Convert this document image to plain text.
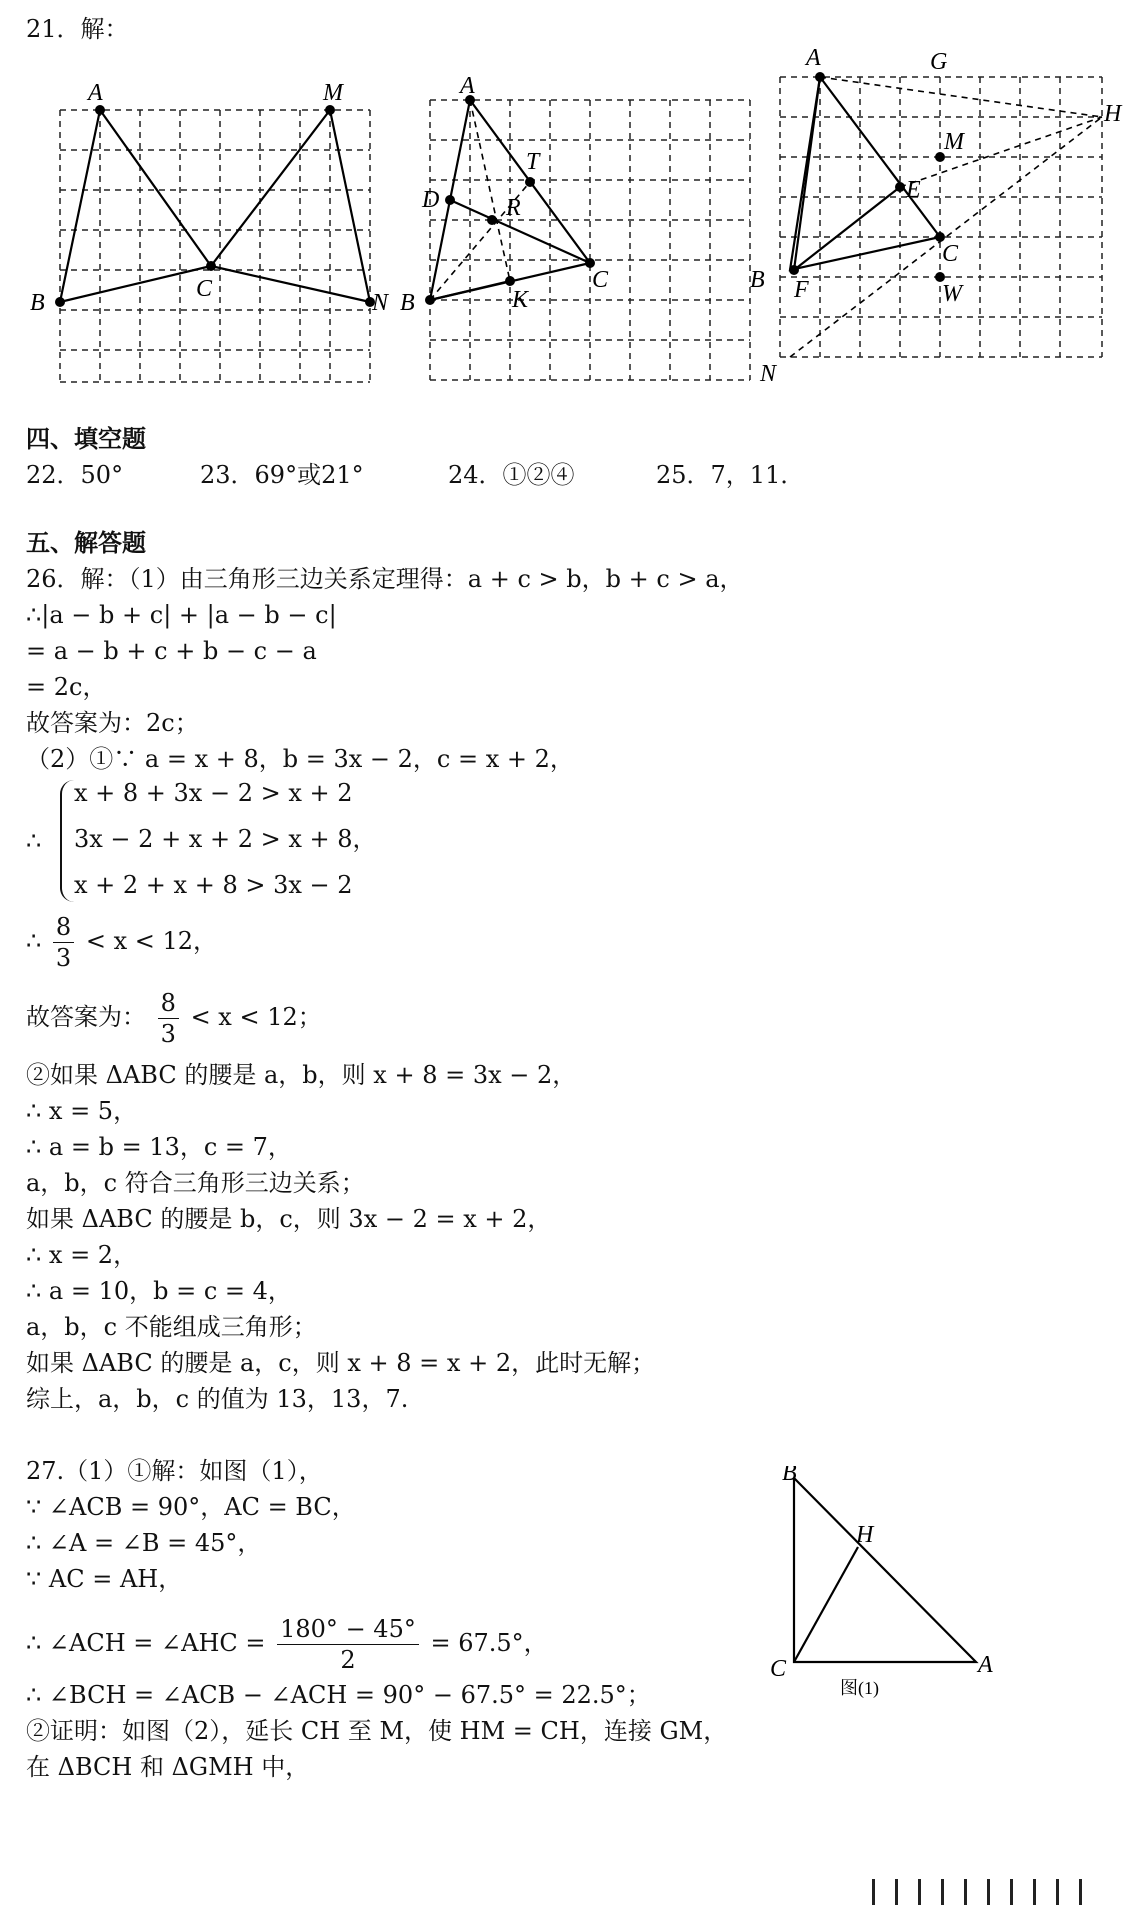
21．解：
A	M
B
C
N
A
T
D	R
B	K
C
A	G
H
M
E
B F
C
W
N
四、填空题
22．50°	23．69°或21°	24．①②④	25．7，11．
五、解答题
26．解：（1）由三角形三边关系定理得：a + c > b，b + c > a，
∴|a − b + c| + |a − b − c|
= a − b + c + b − c − a
= 2c，
故答案为：2c；
（2）①∵ a = x + 8，b = 3x − 2，c = x + 2，
∴
x + 8 + 3x − 2 > x + 2
3x − 2 + x + 2 > x + 8，
x + 2 + x + 8 > 3x − 2
∴ $\frac{8}{3} < x < 12$，
故答案为： $\frac{8}{3} < x < 12$；
②如果 ΔABC 的腰是 a，b，则 x + 8 = 3x − 2，
∴ x = 5，
∴ a = b = 13，c = 7，
a，b，c 符合三角形三边关系；
如果 ΔABC 的腰是 b，c，则 3x − 2 = x + 2，
∴ x = 2，
∴ a = 10，b = c = 4，
a，b，c 不能组成三角形；
如果 ΔABC 的腰是 a，c，则 x + 8 = x + 2，此时无解；
综上，a，b，c 的值为 13，13，7.
27.（1）①解：如图（1），
∵ ∠ACB = 90°，AC = BC，
∴ ∠A = ∠B = 45°，
∵ AC = AH，
∴ ∠ACH = ∠AHC = $\frac{180^\circ - 45^\circ}{2} = 67.5^\circ$，
∴ ∠BCH = ∠ACB − ∠ACH = 90° − 67.5° = 22.5°；
②证明：如图（2），延长 CH 至 M，使 HM = CH，连接 GM，
在 ΔBCH 和 ΔGMH 中，
B
H
C	A
图(1)
